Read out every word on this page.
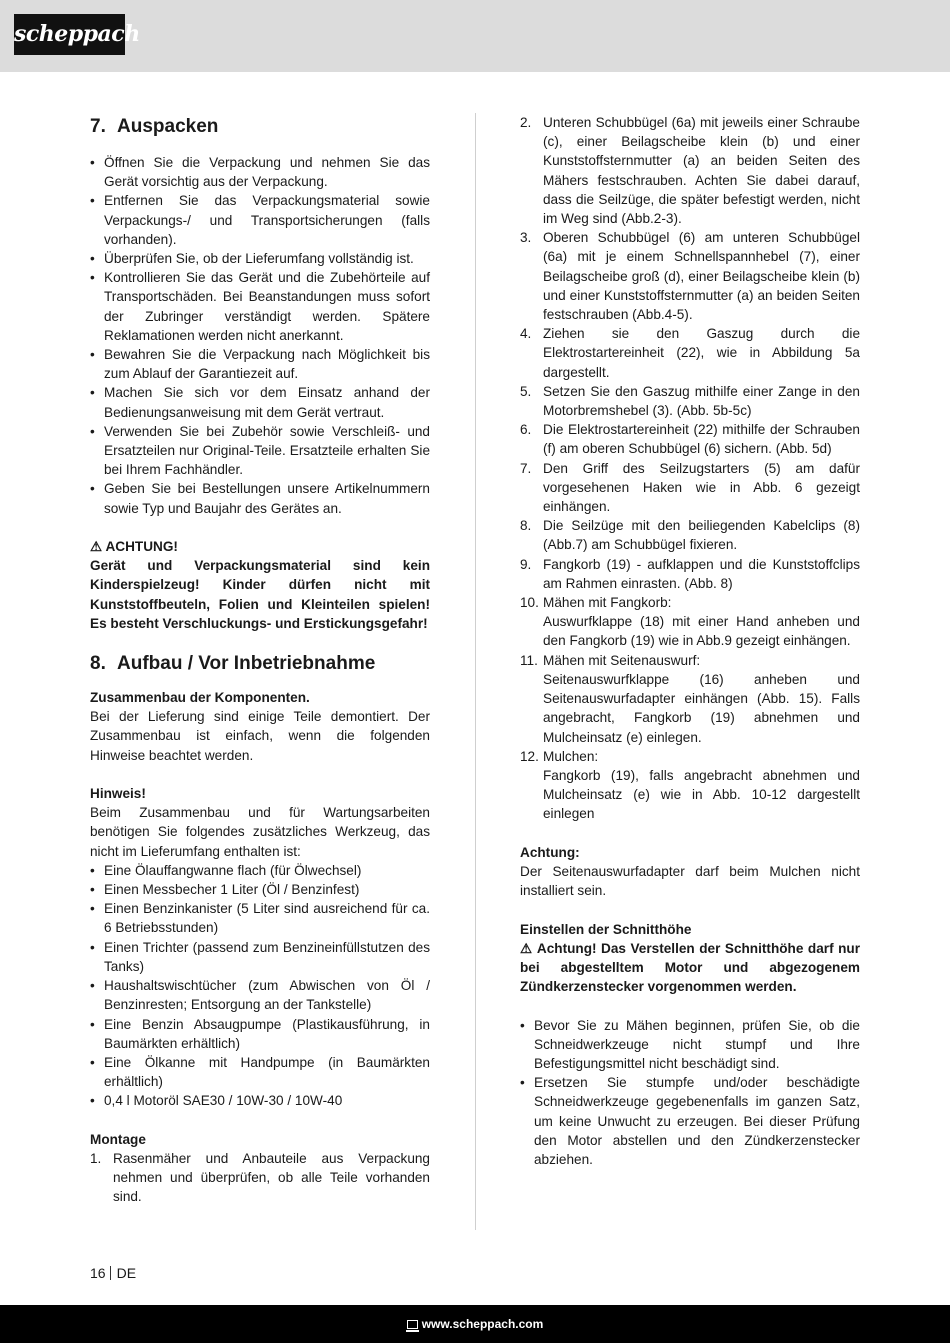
scheppach
7. Auspacken
• Öffnen Sie die Verpackung und nehmen Sie das Gerät vorsichtig aus der Verpackung.
• Entfernen Sie das Verpackungsmaterial sowie Verpackungs-/ und Transportsicherungen (falls vorhanden).
• Überprüfen Sie, ob der Lieferumfang vollständig ist.
• Kontrollieren Sie das Gerät und die Zubehörteile auf Transportschäden. Bei Beanstandungen muss sofort der Zubringer verständigt werden. Spätere Reklamationen werden nicht anerkannt.
• Bewahren Sie die Verpackung nach Möglichkeit bis zum Ablauf der Garantiezeit auf.
• Machen Sie sich vor dem Einsatz anhand der Bedienungsanweisung mit dem Gerät vertraut.
• Verwenden Sie bei Zubehör sowie Verschleiß- und Ersatzteilen nur Original-Teile. Ersatzteile erhalten Sie bei Ihrem Fachhändler.
• Geben Sie bei Bestellungen unsere Artikelnummern sowie Typ und Baujahr des Gerätes an.

⚠ ACHTUNG!

Gerät und Verpackungsmaterial sind kein Kinderspielzeug! Kinder dürfen nicht mit Kunststoffbeuteln, Folien und Kleinteilen spielen! Es besteht Verschluckungs- und Erstickungsgefahr!

8. Aufbau / Vor Inbetriebnahme

Zusammenbau der Komponenten.

Bei der Lieferung sind einige Teile demontiert. Der Zusammenbau ist einfach, wenn die folgenden Hinweise beachtet werden.

Hinweis!

Beim Zusammenbau und für Wartungsarbeiten benötigen Sie folgendes zusätzliches Werkzeug, das nicht im Lieferumfang enthalten ist:

• Eine Ölauffangwanne flach (für Ölwechsel)
• Einen Messbecher 1 Liter (Öl / Benzinfest)
• Einen Benzinkanister (5 Liter sind ausreichend für ca. 6 Betriebsstunden)
• Einen Trichter (passend zum Benzineinfüllstutzen des Tanks)
• Haushaltswischtücher (zum Abwischen von Öl / Benzinresten; Entsorgung an der Tankstelle)
• Eine Benzin Absaugpumpe (Plastikausführung, in Baumärkten erhältlich)
• Eine Ölkanne mit Handpumpe (in Baumärkten erhältlich)
• 0,4 l Motoröl SAE30 / 10W-30 / 10W-40

Montage

1. Rasenmäher und Anbauteile aus Verpackung nehmen und überprüfen, ob alle Teile vorhanden sind.
2. Unteren Schubbügel (6a) mit jeweils einer Schraube (c), einer Beilagscheibe klein (b) und einer Kunststoffsternmutter (a) an beiden Seiten des Mähers festschrauben. Achten Sie dabei darauf, dass die Seilzüge, die später befestigt werden, nicht im Weg sind (Abb.2-3).
3. Oberen Schubbügel (6) am unteren Schubbügel (6a) mit je einem Schnellspannhebel (7), einer Beilagscheibe groß (d), einer Beilagscheibe klein (b) und einer Kunststoffsternmutter (a) an beiden Seiten festschrauben (Abb.4-5).
4. Ziehen sie den Gaszug durch die Elektrostartereinheit (22), wie in Abbildung 5a dargestellt.
5. Setzen Sie den Gaszug mithilfe einer Zange in den Motorbremshebel (3). (Abb. 5b-5c)
6. Die Elektrostartereinheit (22) mithilfe der Schrauben (f) am oberen Schubbügel (6) sichern. (Abb. 5d)
7. Den Griff des Seilzugstarters (5) am dafür vorgesehenen Haken wie in Abb. 6 gezeigt einhängen.
8. Die Seilzüge mit den beiliegenden Kabelclips (8) (Abb.7) am Schubbügel fixieren.
9. Fangkorb (19) - aufklappen und die Kunststoffclips am Rahmen einrasten. (Abb. 8)
10. Mähen mit Fangkorb:
Auswurfklappe (18) mit einer Hand anheben und den Fangkorb (19) wie in Abb.9 gezeigt einhängen.
11. Mähen mit Seitenauswurf:
Seitenauswurfklappe (16) anheben und Seitenauswurfadapter einhängen (Abb. 15). Falls angebracht, Fangkorb (19) abnehmen und Mulcheinsatz (e) einlegen.
12. Mulchen:
Fangkorb (19), falls angebracht abnehmen und Mulcheinsatz (e) wie in Abb. 10-12 dargestellt einlegen

Achtung:

Der Seitenauswurfadapter darf beim Mulchen nicht installiert sein.

Einstellen der Schnitthöhe

⚠ Achtung! Das Verstellen der Schnitthöhe darf nur bei abgestelltem Motor und abgezogenem Zündkerzenstecker vorgenommen werden.

• Bevor Sie zu Mähen beginnen, prüfen Sie, ob die Schneidwerkzeuge nicht stumpf und Ihre Befestigungsmittel nicht beschädigt sind.
• Ersetzen Sie stumpfe und/oder beschädigte Schneidwerkzeuge gegebenenfalls im ganzen Satz, um keine Unwucht zu erzeugen. Bei dieser Prüfung den Motor abstellen und den Zündkerzenstecker abziehen.
16 DE
www.scheppach.com
